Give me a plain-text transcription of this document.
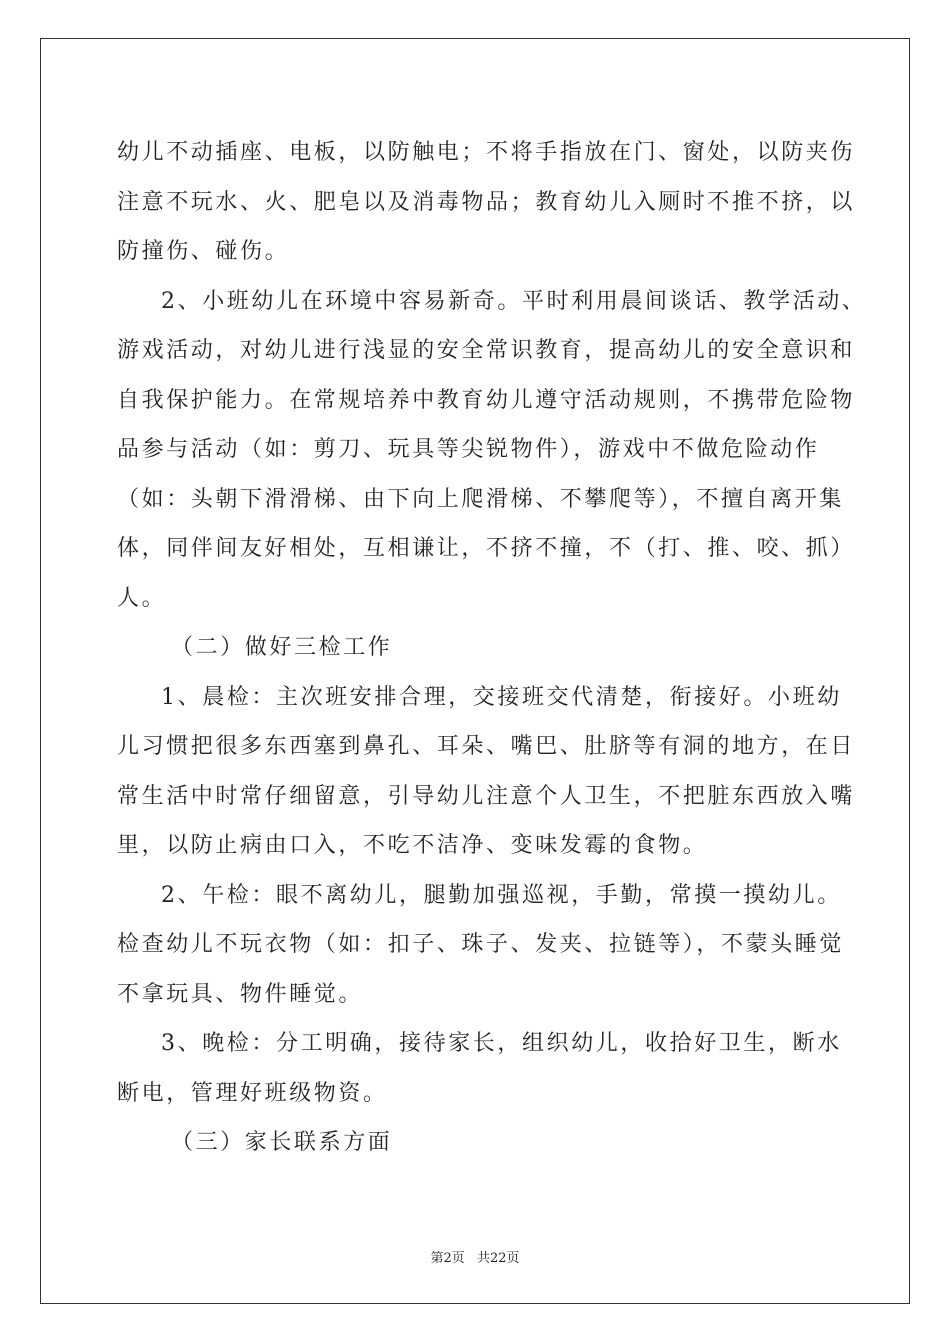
幼儿不动插座、电板，以防触电；不将手指放在门、窗处，以防夹伤
注意不玩水、火、肥皂以及消毒物品；教育幼儿入厕时不推不挤，以
防撞伤、碰伤。
2、小班幼儿在环境中容易新奇。平时利用晨间谈话、教学活动、
游戏活动，对幼儿进行浅显的安全常识教育，提高幼儿的安全意识和
自我保护能力。在常规培养中教育幼儿遵守活动规则，不携带危险物
品参与活动（如：剪刀、玩具等尖锐物件），游戏中不做危险动作
（如：头朝下滑滑梯、由下向上爬滑梯、不攀爬等），不擅自离开集
体，同伴间友好相处，互相谦让，不挤不撞，不（打、推、咬、抓）
人。
（二）做好三检工作
1、晨检：主次班安排合理，交接班交代清楚，衔接好。小班幼
儿习惯把很多东西塞到鼻孔、耳朵、嘴巴、肚脐等有洞的地方，在日
常生活中时常仔细留意，引导幼儿注意个人卫生，不把脏东西放入嘴
里，以防止病由口入，不吃不洁净、变味发霉的食物。
2、午检：眼不离幼儿，腿勤加强巡视，手勤，常摸一摸幼儿。
检查幼儿不玩衣物（如：扣子、珠子、发夹、拉链等），不蒙头睡觉
不拿玩具、物件睡觉。
3、晚检：分工明确，接待家长，组织幼儿，收拾好卫生，断水
断电，管理好班级物资。
（三）家长联系方面
第2页 共22页
